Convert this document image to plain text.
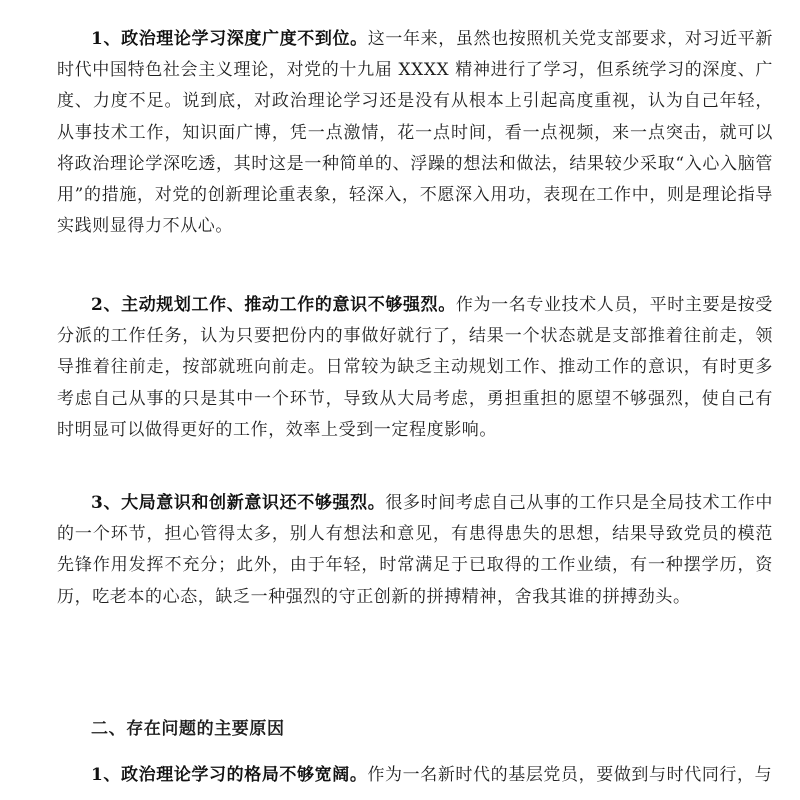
1、政治理论学习深度广度不到位。这一年来，虽然也按照机关党支部要求，对习近平新时代中国特色社会主义理论，对党的十九届 XXXX 精神进行了学习，但系统学习的深度、广度、力度不足。说到底，对政治理论学习还是没有从根本上引起高度重视，认为自己年轻，从事技术工作，知识面广博，凭一点激情，花一点时间，看一点视频，来一点突击，就可以将政治理论学深吃透，其时这是一种简单的、浮躁的想法和做法，结果较少采取“入心入脑管用”的措施，对党的创新理论重表象，轻深入，不愿深入用功，表现在工作中，则是理论指导实践则显得力不从心。

2、主动规划工作、推动工作的意识不够强烈。作为一名专业技术人员，平时主要是按受分派的工作任务，认为只要把份内的事做好就行了，结果一个状态就是支部推着往前走，领导推着往前走，按部就班向前走。日常较为缺乏主动规划工作、推动工作的意识，有时更多考虑自己从事的只是其中一个环节，导致从大局考虑，勇担重担的愿望不够强烈，使自己有时明显可以做得更好的工作，效率上受到一定程度影响。

3、大局意识和创新意识还不够强烈。很多时间考虑自己从事的工作只是全局技术工作中的一个环节，担心管得太多，别人有想法和意见，有患得患失的思想，结果导致党员的模范先锋作用发挥不充分；此外，由于年轻，时常满足于已取得的工作业绩，有一种摆学历，资历，吃老本的心态，缺乏一种强烈的守正创新的拼搏精神，舍我其谁的拼搏劲头。

二、存在问题的主要原因

1、政治理论学习的格局不够宽阔。作为一名新时代的基层党员，要做到与时代同行，与
